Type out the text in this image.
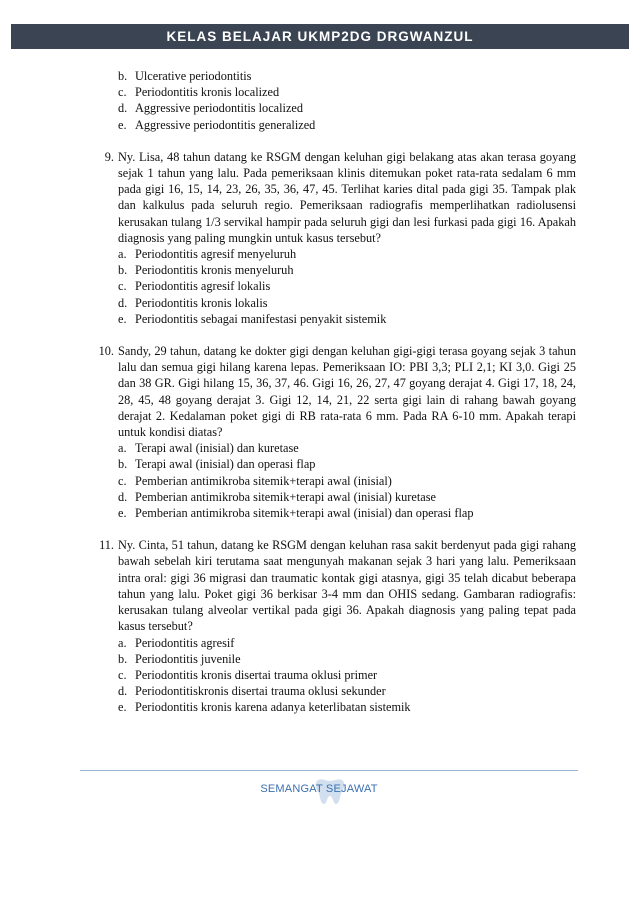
KELAS BELAJAR UKMP2DG DRGWANZUL
b. Ulcerative periodontitis
c. Periodontitis kronis localized
d. Aggressive periodontitis localized
e. Aggressive periodontitis generalized
9. Ny. Lisa, 48 tahun datang ke RSGM dengan keluhan gigi belakang atas akan terasa goyang sejak 1 tahun yang lalu. Pada pemeriksaan klinis ditemukan poket rata-rata sedalam 6 mm pada gigi 16, 15, 14, 23, 26, 35, 36, 47, 45. Terlihat karies dital pada gigi 35. Tampak plak dan kalkulus pada seluruh regio. Pemeriksaan radiografis memperlihatkan radiolusensi kerusakan tulang 1/3 servikal hampir pada seluruh gigi dan lesi furkasi pada gigi 16. Apakah diagnosis yang paling mungkin untuk kasus tersebut?
a. Periodontitis agresif menyeluruh
b. Periodontitis kronis menyeluruh
c. Periodontitis agresif lokalis
d. Periodontitis kronis lokalis
e. Periodontitis sebagai manifestasi penyakit sistemik
10. Sandy, 29 tahun, datang ke dokter gigi dengan keluhan gigi-gigi terasa goyang sejak 3 tahun lalu dan semua gigi hilang karena lepas. Pemeriksaan IO: PBI 3,3; PLI 2,1; KI 3,0. Gigi 25 dan 38 GR. Gigi hilang 15, 36, 37, 46. Gigi 16, 26, 27, 47 goyang derajat 4. Gigi 17, 18, 24, 28, 45, 48 goyang derajat 3. Gigi 12, 14, 21, 22 serta gigi lain di rahang bawah goyang derajat 2. Kedalaman poket gigi di RB rata-rata 6 mm. Pada RA 6-10 mm. Apakah terapi untuk kondisi diatas?
a. Terapi awal (inisial) dan kuretase
b. Terapi awal (inisial) dan operasi flap
c. Pemberian antimikroba sitemik+terapi awal (inisial)
d. Pemberian antimikroba sitemik+terapi awal (inisial) kuretase
e. Pemberian antimikroba sitemik+terapi awal (inisial) dan operasi flap
11. Ny. Cinta, 51 tahun, datang ke RSGM dengan keluhan rasa sakit berdenyut pada gigi rahang bawah sebelah kiri terutama saat mengunyah makanan sejak 3 hari yang lalu. Pemeriksaan intra oral: gigi 36 migrasi dan traumatic kontak gigi atasnya, gigi 35 telah dicabut beberapa tahun yang lalu. Poket gigi 36 berkisar 3-4 mm dan OHIS sedang. Gambaran radiografis: kerusakan tulang alveolar vertikal pada gigi 36. Apakah diagnosis yang paling tepat pada kasus tersebut?
a. Periodontitis agresif
b. Periodontitis juvenile
c. Periodontitis kronis disertai trauma oklusi primer
d. Periodontitiskronis disertai trauma oklusi sekunder
e. Periodontitis kronis karena adanya keterlibatan sistemik
SEMANGAT SEJAWAT
